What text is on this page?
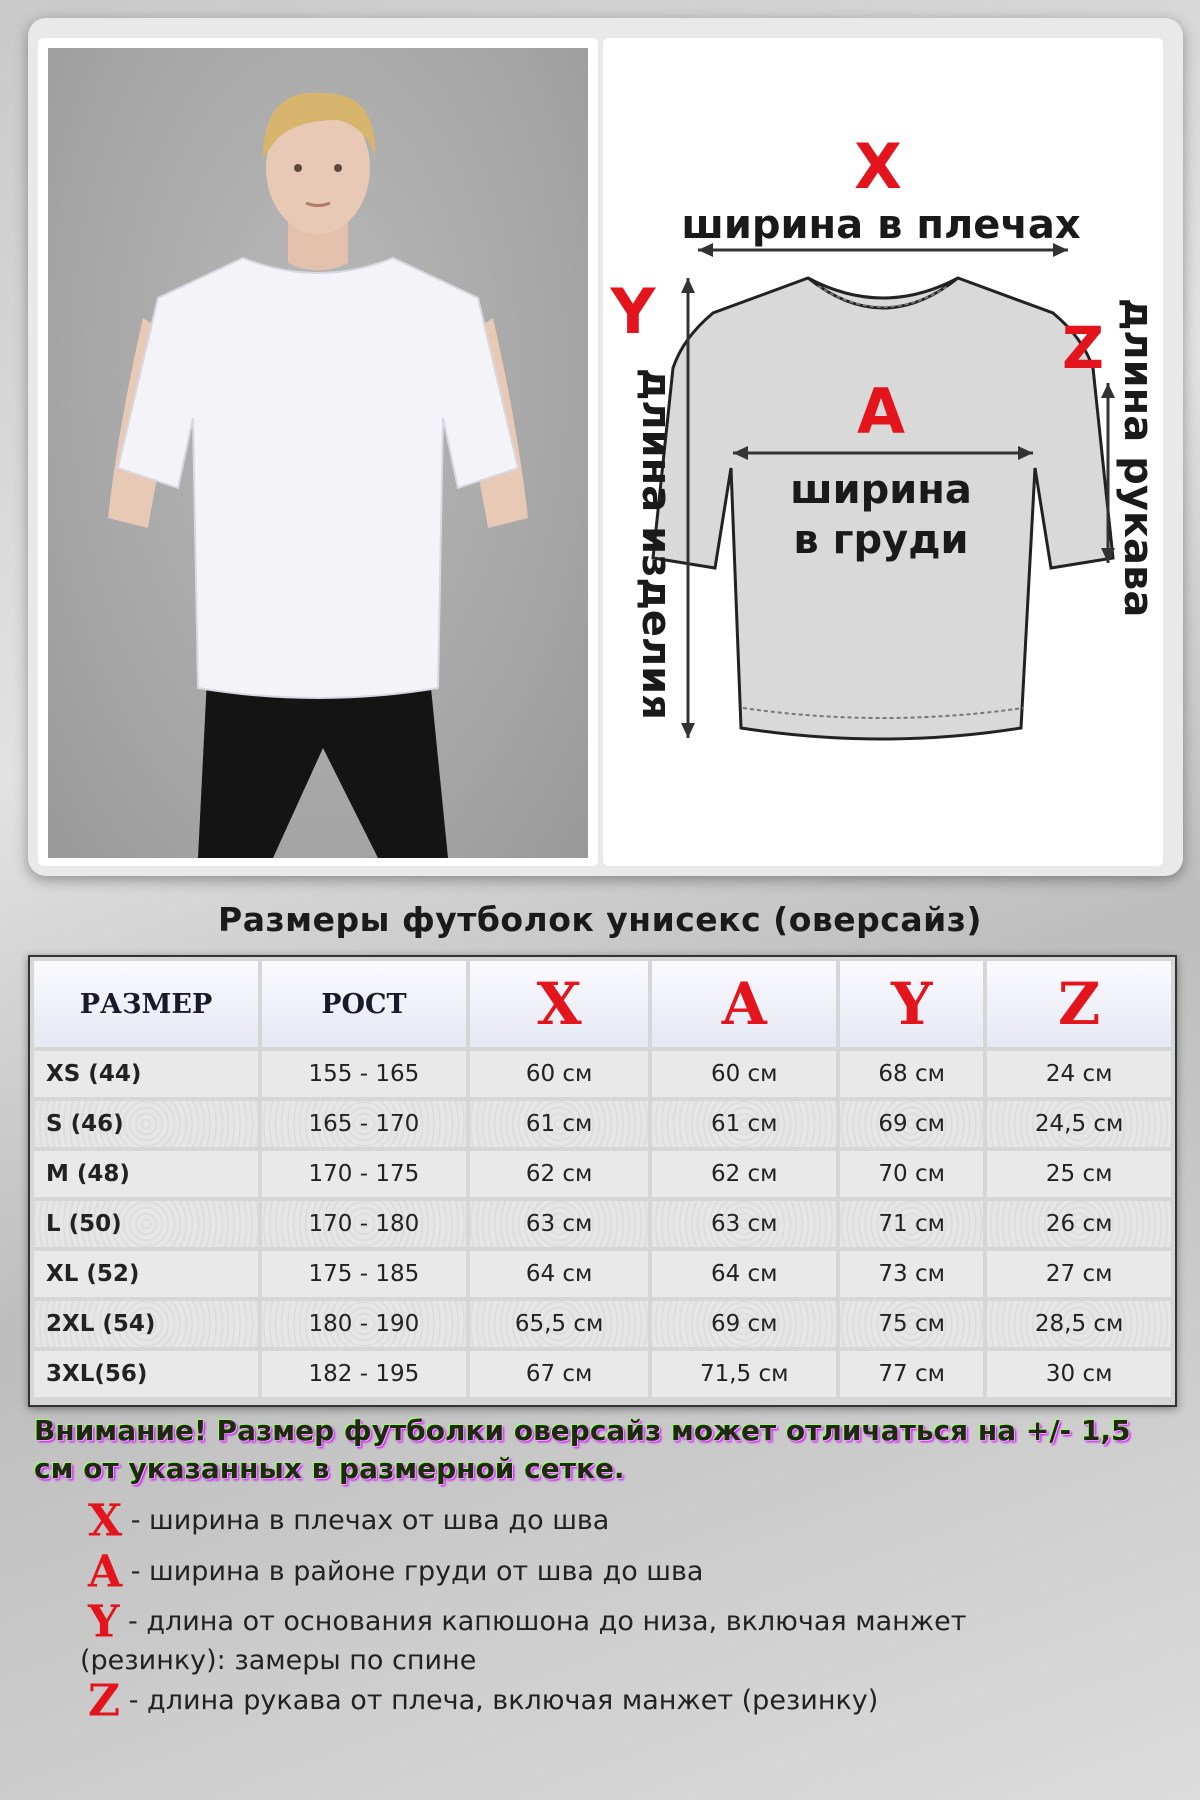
X
ширина в плечах
Y
длина изделия
Z длина рукава
A
ширина
в груди
Размеры футболок унисекс (оверсайз)
РАЗМЕР	РОСТ	X	A	Y	Z
XS (44)	155 - 165	60 см	60 см	68 см	24 см
S (46)	165 - 170	61 см	61 см	69 см	24,5 см
M (48)	170 - 175	62 см	62 см	70 см	25 см
L (50)	170 - 180	63 см	63 см	71 см	26 см
XL (52)	175 - 185	64 см	64 см	73 см	27 см
2XL (54)	180 - 190	65,5 см	69 см	75 см	28,5 см
3XL(56)	182 - 195	67 см	71,5 см	77 см	30 см
Внимание! Размер футболки оверсайз может отличаться на +/- 1,5 см от указанных в размерной сетке.
X - ширина в плечах от шва до шва
A - ширина в районе груди от шва до шва
Y - длина от основания капюшона до низа, включая манжет
(резинку): замеры по спине
Z - длина рукава от плеча, включая манжет (резинку)
